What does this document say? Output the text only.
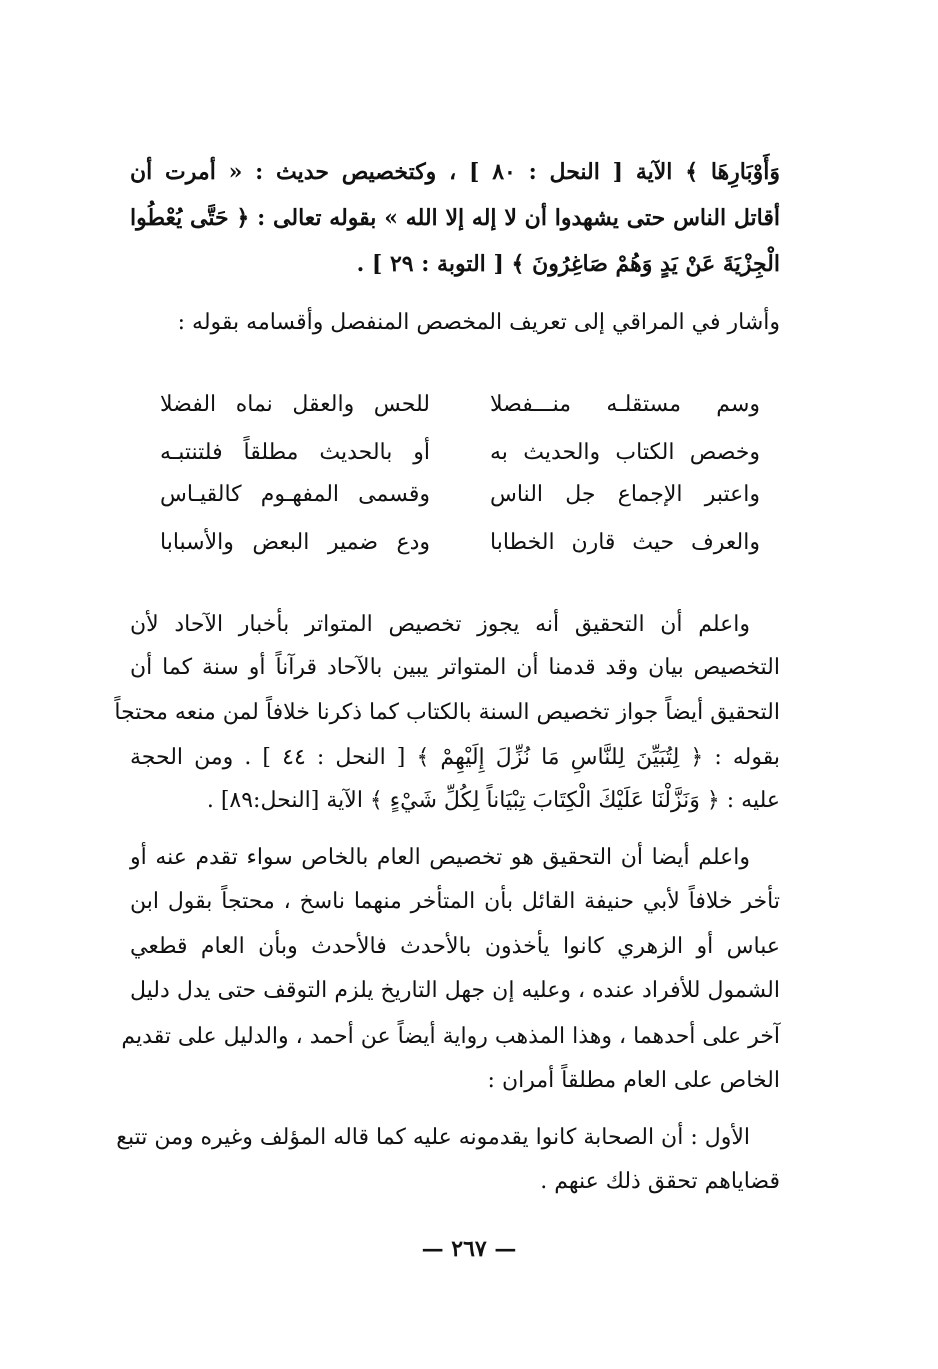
وَأَوْبَارِهَا ﴾ الآية [ النحل : ٨٠ ] ، وكتخصيص حديث : « أمرت أن
أقاتل الناس حتى يشهدوا أن لا إله إلا الله » بقوله تعالى : ﴿ حَتَّى يُعْطُوا
الْجِزْيَةَ عَنْ يَدٍ وَهُمْ صَاغِرُونَ ﴾ [ التوبة : ٢٩ ] .
وأشار في المراقي إلى تعريف المخصص المنفصل وأقسامه بقوله :
وسم مستقلـه منـــفصلا
للحس والعقل نماه الفضلا
وخصص الكتاب والحديث به
أو بالحديث مطلقاً فلتنتبـه
واعتبر الإجماع جل الناس
وقسمى المفهـوم كالقيـاس
والعرف حيث قارن الخطابا
ودع ضمير البعض والأسبابا
واعلم أن التحقيق أنه يجوز تخصيص المتواتر بأخبار الآحاد لأن
التخصيص بيان وقد قدمنا أن المتواتر يبين بالآحاد قرآناً أو سنة كما أن
التحقيق أيضاً جواز تخصيص السنة بالكتاب كما ذكرنا خلافاً لمن منعه محتجاً
بقوله : ﴿ لِتُبَيِّنَ لِلنَّاسِ مَا نُزِّلَ إِلَيْهِمْ ﴾ [ النحل : ٤٤ ] . ومن الحجة
عليه : ﴿ وَنَزَّلْنَا عَلَيْكَ الْكِتَابَ تِبْيَاناً لِكُلِّ شَيْءٍ ﴾ الآية [النحل:٨٩] .
واعلم أيضا أن التحقيق هو تخصيص العام بالخاص سواء تقدم عنه أو
تأخر خلافاً لأبي حنيفة القائل بأن المتأخر منهما ناسخ ، محتجاً بقول ابن
عباس أو الزهري كانوا يأخذون بالأحدث فالأحدث وبأن العام قطعي
الشمول للأفراد عنده ، وعليه إن جهل التاريخ يلزم التوقف حتى يدل دليل
آخر على أحدهما ، وهذا المذهب رواية أيضاً عن أحمد ، والدليل على تقديم
الخاص على العام مطلقاً أمران :
الأول : أن الصحابة كانوا يقدمونه عليه كما قاله المؤلف وغيره ومن تتبع
قضاياهم تحقق ذلك عنهم .
— ٢٦٧ —
